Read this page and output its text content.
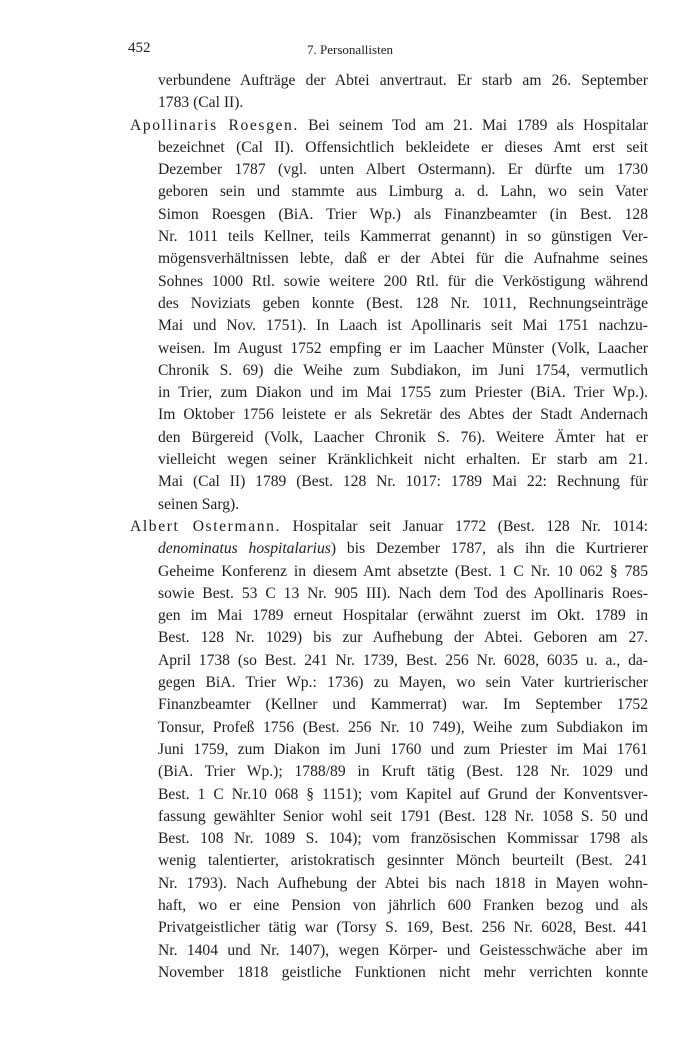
452	7. Personallisten
verbundene Aufträge der Abtei anvertraut. Er starb am 26. September
1783 (Cal II).
Apollinaris Roesgen. Bei seinem Tod am 21. Mai 1789 als Hospitalar
bezeichnet (Cal II). Offensichtlich bekleidete er dieses Amt erst seit
Dezember 1787 (vgl. unten Albert Ostermann). Er dürfte um 1730
geboren sein und stammte aus Limburg a. d. Lahn, wo sein Vater
Simon Roesgen (BiA. Trier Wp.) als Finanzbeamter (in Best. 128
Nr. 1011 teils Kellner, teils Kammerrat genannt) in so günstigen Ver-
mögensverhältnissen lebte, daß er der Abtei für die Aufnahme seines
Sohnes 1000 Rtl. sowie weitere 200 Rtl. für die Verköstigung während
des Noviziats geben konnte (Best. 128 Nr. 1011, Rechnungseinträge
Mai und Nov. 1751). In Laach ist Apollinaris seit Mai 1751 nachzu-
weisen. Im August 1752 empfing er im Laacher Münster (Volk, Laacher
Chronik S. 69) die Weihe zum Subdiakon, im Juni 1754, vermutlich
in Trier, zum Diakon und im Mai 1755 zum Priester (BiA. Trier Wp.).
Im Oktober 1756 leistete er als Sekretär des Abtes der Stadt Andernach
den Bürgereid (Volk, Laacher Chronik S. 76). Weitere Ämter hat er
vielleicht wegen seiner Kränklichkeit nicht erhalten. Er starb am 21.
Mai (Cal II) 1789 (Best. 128 Nr. 1017: 1789 Mai 22: Rechnung für
seinen Sarg).
Albert Ostermann. Hospitalar seit Januar 1772 (Best. 128 Nr. 1014:
denominatus hospitalarius) bis Dezember 1787, als ihn die Kurtrierer
Geheime Konferenz in diesem Amt absetzte (Best. 1 C Nr. 10 062 § 785
sowie Best. 53 C 13 Nr. 905 III). Nach dem Tod des Apollinaris Roes-
gen im Mai 1789 erneut Hospitalar (erwähnt zuerst im Okt. 1789 in
Best. 128 Nr. 1029) bis zur Aufhebung der Abtei. Geboren am 27.
April 1738 (so Best. 241 Nr. 1739, Best. 256 Nr. 6028, 6035 u. a., da-
gegen BiA. Trier Wp.: 1736) zu Mayen, wo sein Vater kurtrierischer
Finanzbeamter (Kellner und Kammerrat) war. Im September 1752
Tonsur, Profeß 1756 (Best. 256 Nr. 10 749), Weihe zum Subdiakon im
Juni 1759, zum Diakon im Juni 1760 und zum Priester im Mai 1761
(BiA. Trier Wp.); 1788/89 in Kruft tätig (Best. 128 Nr. 1029 und
Best. 1 C Nr.10 068 § 1151); vom Kapitel auf Grund der Konventsver-
fassung gewählter Senior wohl seit 1791 (Best. 128 Nr. 1058 S. 50 und
Best. 108 Nr. 1089 S. 104); vom französischen Kommissar 1798 als
wenig talentierter, aristokratisch gesinnter Mönch beurteilt (Best. 241
Nr. 1793). Nach Aufhebung der Abtei bis nach 1818 in Mayen wohn-
haft, wo er eine Pension von jährlich 600 Franken bezog und als
Privatgeistlicher tätig war (Torsy S. 169, Best. 256 Nr. 6028, Best. 441
Nr. 1404 und Nr. 1407), wegen Körper- und Geistesschwäche aber im
November 1818 geistliche Funktionen nicht mehr verrichten konnte
